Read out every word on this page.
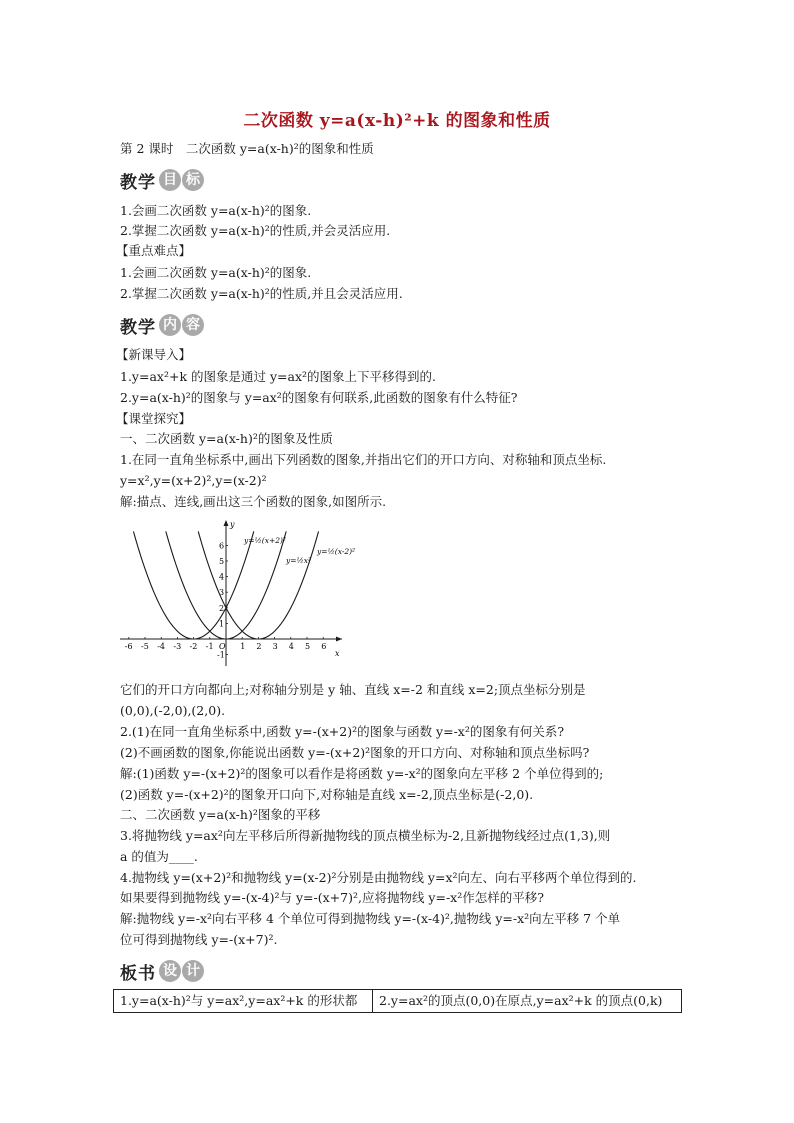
二次函数 y=a(x-h)²+k 的图象和性质
第 2 课时　二次函数 y=a(x-h)²的图象和性质
教学 目 标
1.会画二次函数 y=a(x-h)²的图象.
2.掌握二次函数 y=a(x-h)²的性质,并会灵活应用.
【重点难点】
1.会画二次函数 y=a(x-h)²的图象.
2.掌握二次函数 y=a(x-h)²的性质,并且会灵活应用.
教学 内 容
【新课导入】
1.y=ax²+k 的图象是通过 y=ax²的图象上下平移得到的.
2.y=a(x-h)²的图象与 y=ax²的图象有何联系,此函数的图象有什么特征?
【课堂探究】
一、二次函数 y=a(x-h)²的图象及性质
1.在同一直角坐标系中,画出下列函数的图象,并指出它们的开口方向、对称轴和顶点坐标.
y=x²,y=(x+2)²,y=(x-2)²
解:描点、连线,画出这三个函数的图象,如图所示.
-6 -5 -4 -3 -2 -1	1 2 3 4 5 6
-1
1
2
3
4
5
6
y
x
O
y=½(x+2)²
y=½x²
y=½(x-2)²
它们的开口方向都向上;对称轴分别是 y 轴、直线 x=-2 和直线 x=2;顶点坐标分别是
(0,0),(-2,0),(2,0).
2.(1)在同一直角坐标系中,函数 y=-(x+2)²的图象与函数 y=-x²的图象有何关系?
(2)不画函数的图象,你能说出函数 y=-(x+2)²图象的开口方向、对称轴和顶点坐标吗?
解:(1)函数 y=-(x+2)²的图象可以看作是将函数 y=-x²的图象向左平移 2 个单位得到的;
(2)函数 y=-(x+2)²的图象开口向下,对称轴是直线 x=-2,顶点坐标是(-2,0).
二、二次函数 y=a(x-h)²图象的平移
3.将抛物线 y=ax²向左平移后所得新抛物线的顶点横坐标为-2,且新抛物线经过点(1,3),则
a 的值为____.
4.抛物线 y=(x+2)²和抛物线 y=(x-2)²分别是由抛物线 y=x²向左、向右平移两个单位得到的.
如果要得到抛物线 y=-(x-4)²与 y=-(x+7)²,应将抛物线 y=-x²作怎样的平移?
解:抛物线 y=-x²向右平移 4 个单位可得到抛物线 y=-(x-4)²,抛物线 y=-x²向左平移 7 个单
位可得到抛物线 y=-(x+7)².
板书 设 计
1.y=a(x-h)²与 y=ax²,y=ax²+k 的形状都	2.y=ax²的顶点(0,0)在原点,y=ax²+k 的顶点(0,k)
